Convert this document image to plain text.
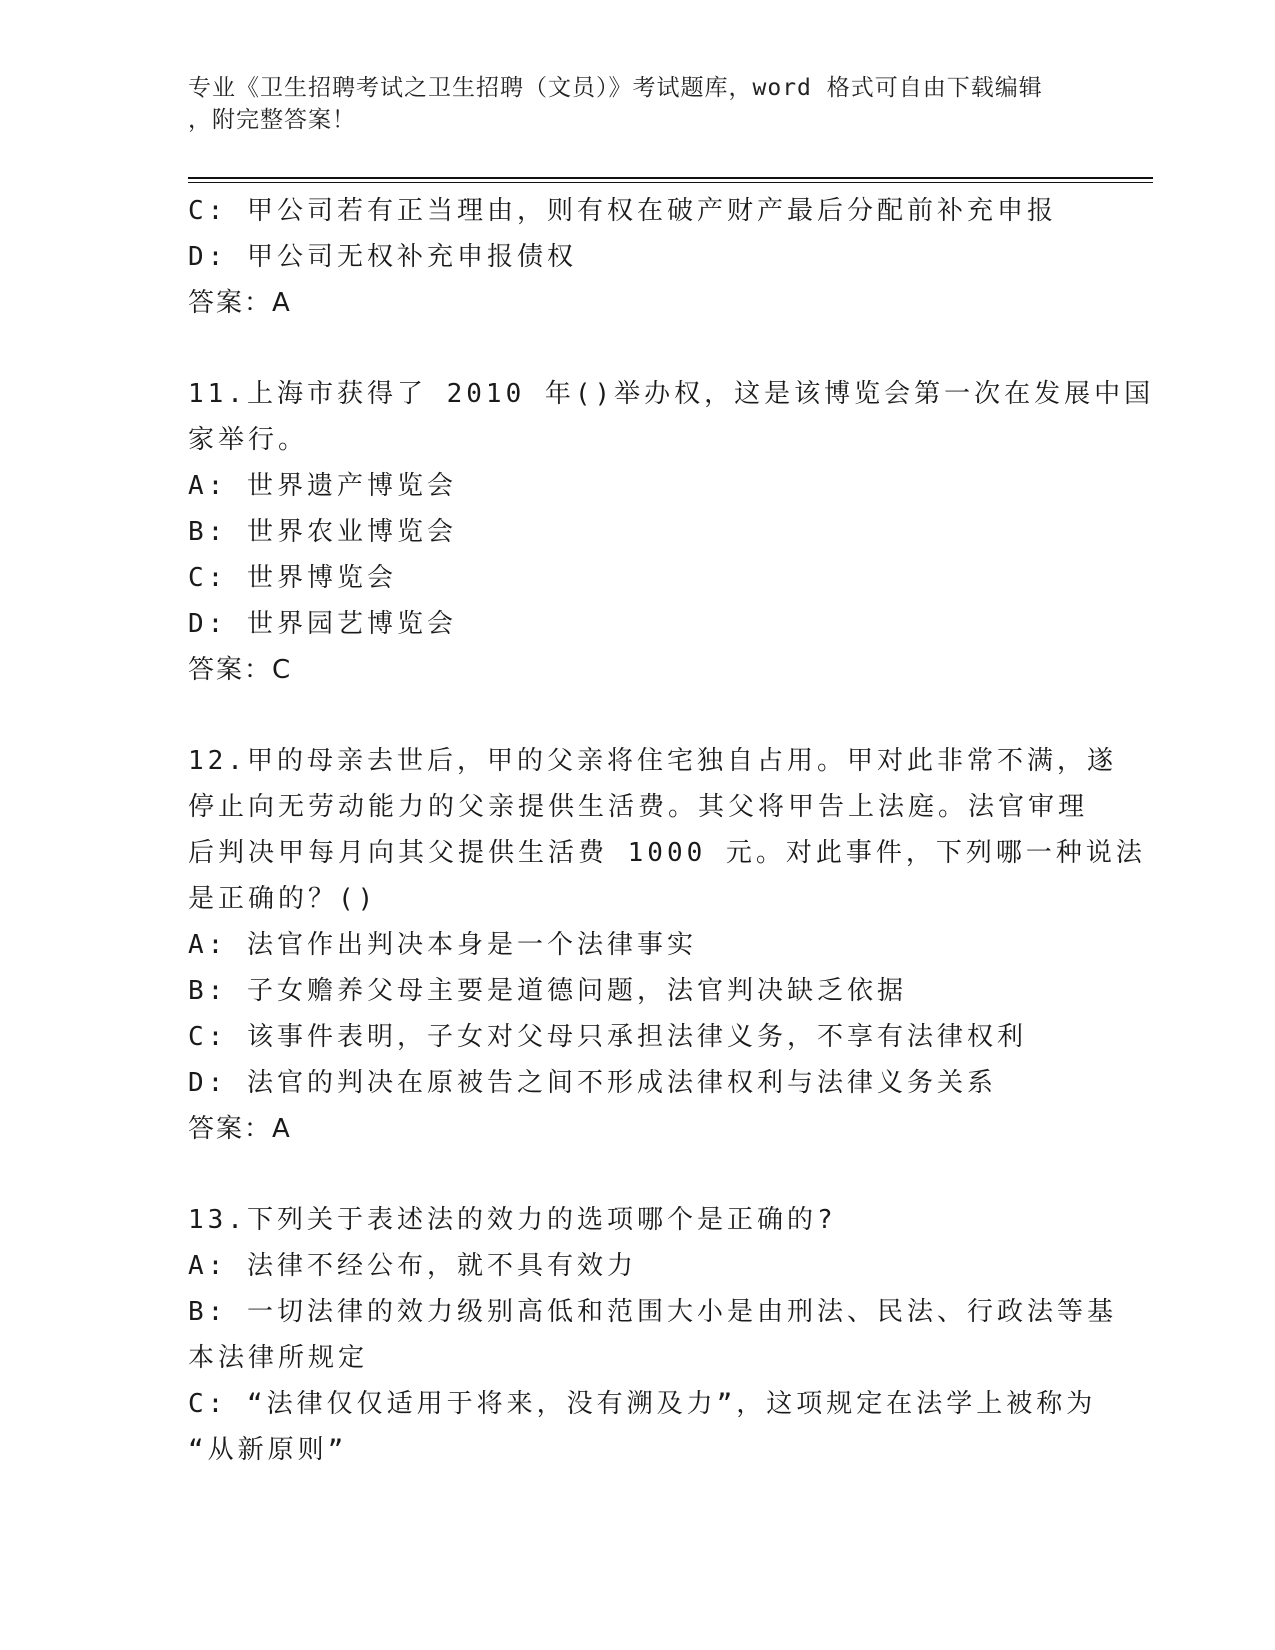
专业《卫生招聘考试之卫生招聘（文员）》考试题库，word 格式可自由下载编辑
，附完整答案！
C: 甲公司若有正当理由，则有权在破产财产最后分配前补充申报
D: 甲公司无权补充申报债权
答案：A
11.上海市获得了 2010 年()举办权，这是该博览会第一次在发展中国
家举行。
A: 世界遗产博览会
B: 世界农业博览会
C: 世界博览会
D: 世界园艺博览会
答案：C
12.甲的母亲去世后，甲的父亲将住宅独自占用。甲对此非常不满，遂
停止向无劳动能力的父亲提供生活费。其父将甲告上法庭。法官审理
后判决甲每月向其父提供生活费 1000 元。对此事件，下列哪一种说法
是正确的？()
A: 法官作出判决本身是一个法律事实
B: 子女赡养父母主要是道德问题，法官判决缺乏依据
C: 该事件表明，子女对父母只承担法律义务，不享有法律权利
D: 法官的判决在原被告之间不形成法律权利与法律义务关系
答案：A
13.下列关于表述法的效力的选项哪个是正确的?
A: 法律不经公布，就不具有效力
B: 一切法律的效力级别高低和范围大小是由刑法、民法、行政法等基
本法律所规定
C: “法律仅仅适用于将来，没有溯及力”，这项规定在法学上被称为
“从新原则”
